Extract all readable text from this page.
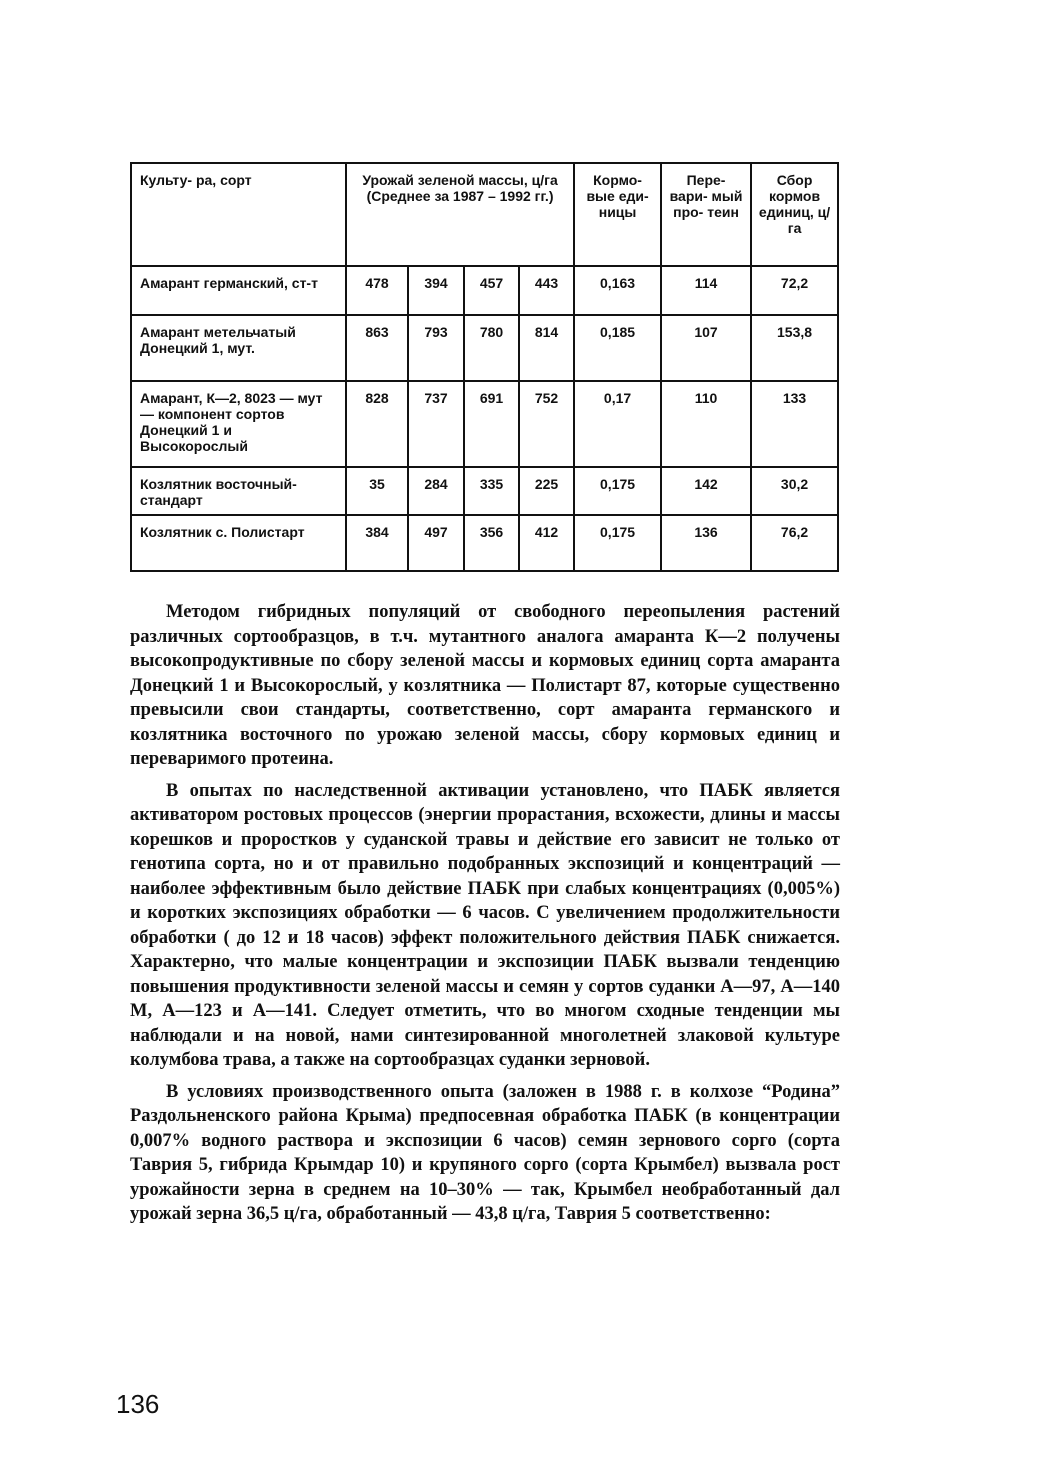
Культу- ра, сорт	Урожай зеленой массы, ц/га (Среднее за 1987 – 1992 гг.)				Кормо- вые еди- ницы	Пере- вари- мый про- теин	Сбор кормов единиц, ц/га
Амарант германский, ст-т	478	394	457	443	0,163	114	72,2
Амарант метельчатый Донецкий 1, мут.	863	793	780	814	0,185	107	153,8
Амарант, К—2, 8023 — мут — компонент сортов Донецкий 1 и Высокорослый	828	737	691	752	0,17	110	133
Козлятник восточный-стандарт	35	284	335	225	0,175	142	30,2
Козлятник с. Полистарт	384	497	356	412	0,175	136	76,2

Методом гибридных популяций от свободного переопыления растений различных сортообразцов, в т.ч. мутантного аналога амаранта К—2 получены высокопродуктивные по сбору зеленой массы и кормовых единиц сорта амаранта Донецкий 1 и Высокорослый, у козлятника — Полистарт 87, которые существенно превысили свои стандарты, соответственно, сорт амаранта германского и козлятника восточного по урожаю зеленой массы, сбору кормовых единиц и переваримого протеина.

В опытах по наследственной активации установлено, что ПАБК является активатором ростовых процессов (энергии прорастания, всхожести, длины и массы корешков и проростков у суданской травы и действие его зависит не только от генотипа сорта, но и от правильно подобранных экспозиций и концентраций — наиболее эффективным было действие ПАБК при слабых концентрациях (0,005%) и коротких экспозициях обработки — 6 часов. С увеличением продолжительности обработки ( до 12 и 18 часов) эффект положительного действия ПАБК снижается. Характерно, что малые концентрации и экспозиции ПАБК вызвали тенденцию повышения продуктивности зеленой массы и семян у сортов суданки А—97, А—140 М, А—123 и А—141. Следует отметить, что во многом сходные тенденции мы наблюдали и на новой, нами синтезированной многолетней злаковой культуре колумбова трава, а также на сортообразцах суданки зерновой.

В условиях производственного опыта (заложен в 1988 г. в колхозе “Родина” Раздольненского района Крыма) предпосевная обработка ПАБК (в концентрации 0,007% водного раствора и экспозиции 6 часов) семян зернового сорго (сорта Таврия 5, гибрида Крымдар 10) и крупяного сорго (сорта Крымбел) вызвала рост урожайности зерна в среднем на 10–30% — так, Крымбел необработанный дал урожай зерна 36,5 ц/га, обработанный — 43,8 ц/га, Таврия 5 соответственно:

136
